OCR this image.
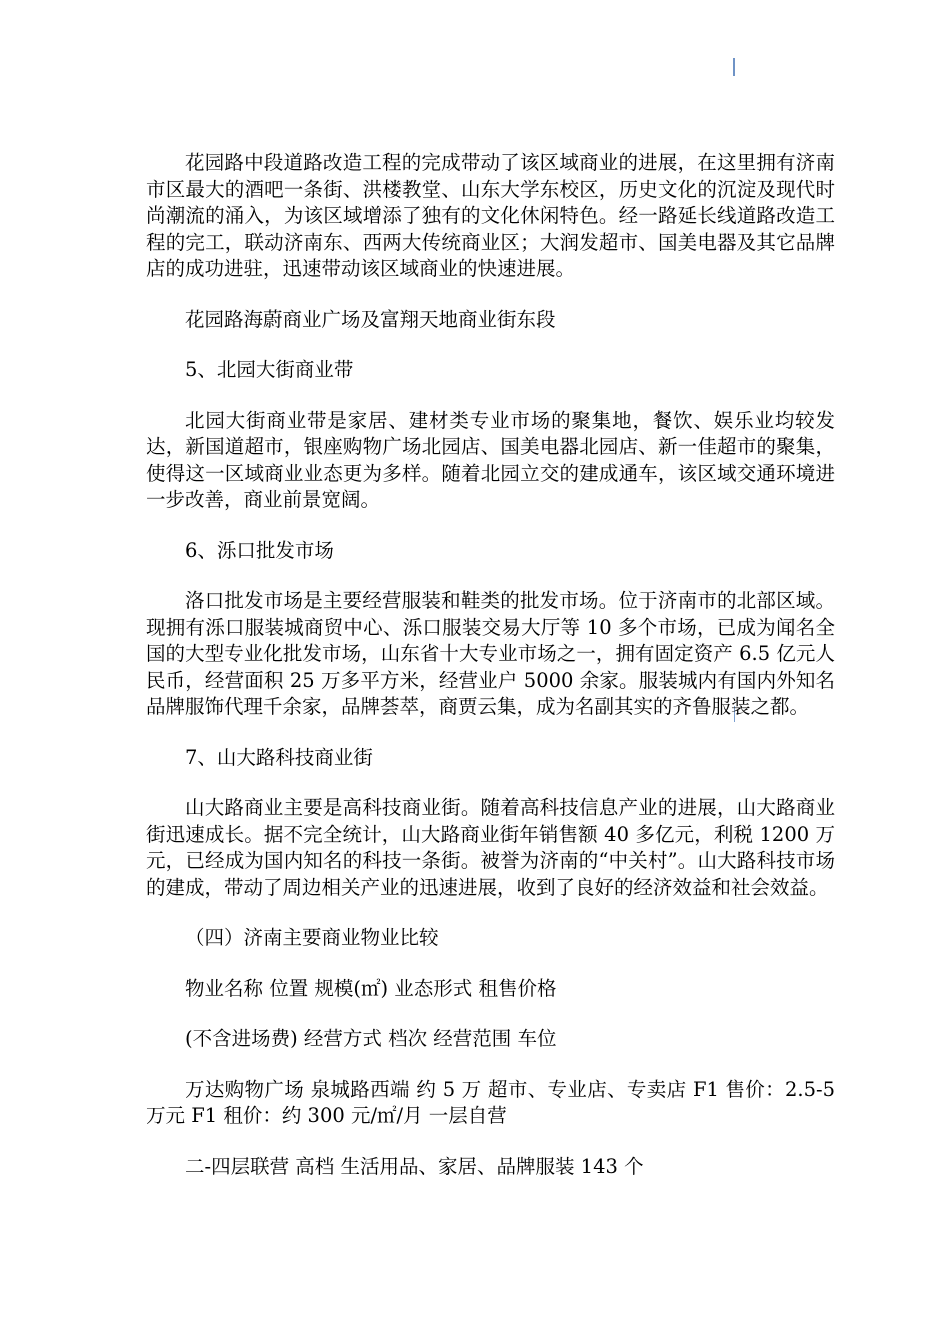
花园路中段道路改造工程的完成带动了该区域商业的进展，在这里拥有济南市区最大的酒吧一条街、洪楼教堂、山东大学东校区，历史文化的沉淀及现代时尚潮流的涌入，为该区域增添了独有的文化休闲特色。经一路延长线道路改造工程的完工，联动济南东、西两大传统商业区；大润发超市、国美电器及其它品牌店的成功进驻，迅速带动该区域商业的快速进展。

花园路海蔚商业广场及富翔天地商业街东段

5、北园大街商业带

北园大街商业带是家居、建材类专业市场的聚集地，餐饮、娱乐业均较发达，新国道超市，银座购物广场北园店、国美电器北园店、新一佳超市的聚集，使得这一区域商业业态更为多样。随着北园立交的建成通车，该区域交通环境进一步改善，商业前景宽阔。

6、泺口批发市场

洛口批发市场是主要经营服装和鞋类的批发市场。位于济南市的北部区域。现拥有泺口服装城商贸中心、泺口服装交易大厅等 10 多个市场，已成为闻名全国的大型专业化批发市场，山东省十大专业市场之一，拥有固定资产 6.5 亿元人民币，经营面积 25 万多平方米，经营业户 5000 余家。服装城内有国内外知名品牌服饰代理千余家，品牌荟萃，商贾云集，成为名副其实的齐鲁服装之都。

7、山大路科技商业街

山大路商业主要是高科技商业街。随着高科技信息产业的进展，山大路商业街迅速成长。据不完全统计，山大路商业街年销售额 40 多亿元，利税 1200 万元，已经成为国内知名的科技一条街。被誉为济南的“中关村”。山大路科技市场的建成，带动了周边相关产业的迅速进展，收到了良好的经济效益和社会效益。

（四）济南主要商业物业比较

物业名称 位置 规模(㎡) 业态形式 租售价格

(不含进场费) 经营方式 档次 经营范围 车位

万达购物广场 泉城路西端 约 5 万 超市、专业店、专卖店 F1 售价：2.5-5 万元 F1 租价：约 300 元/㎡/月 一层自营

二-四层联营 高档 生活用品、家居、品牌服装 143 个
